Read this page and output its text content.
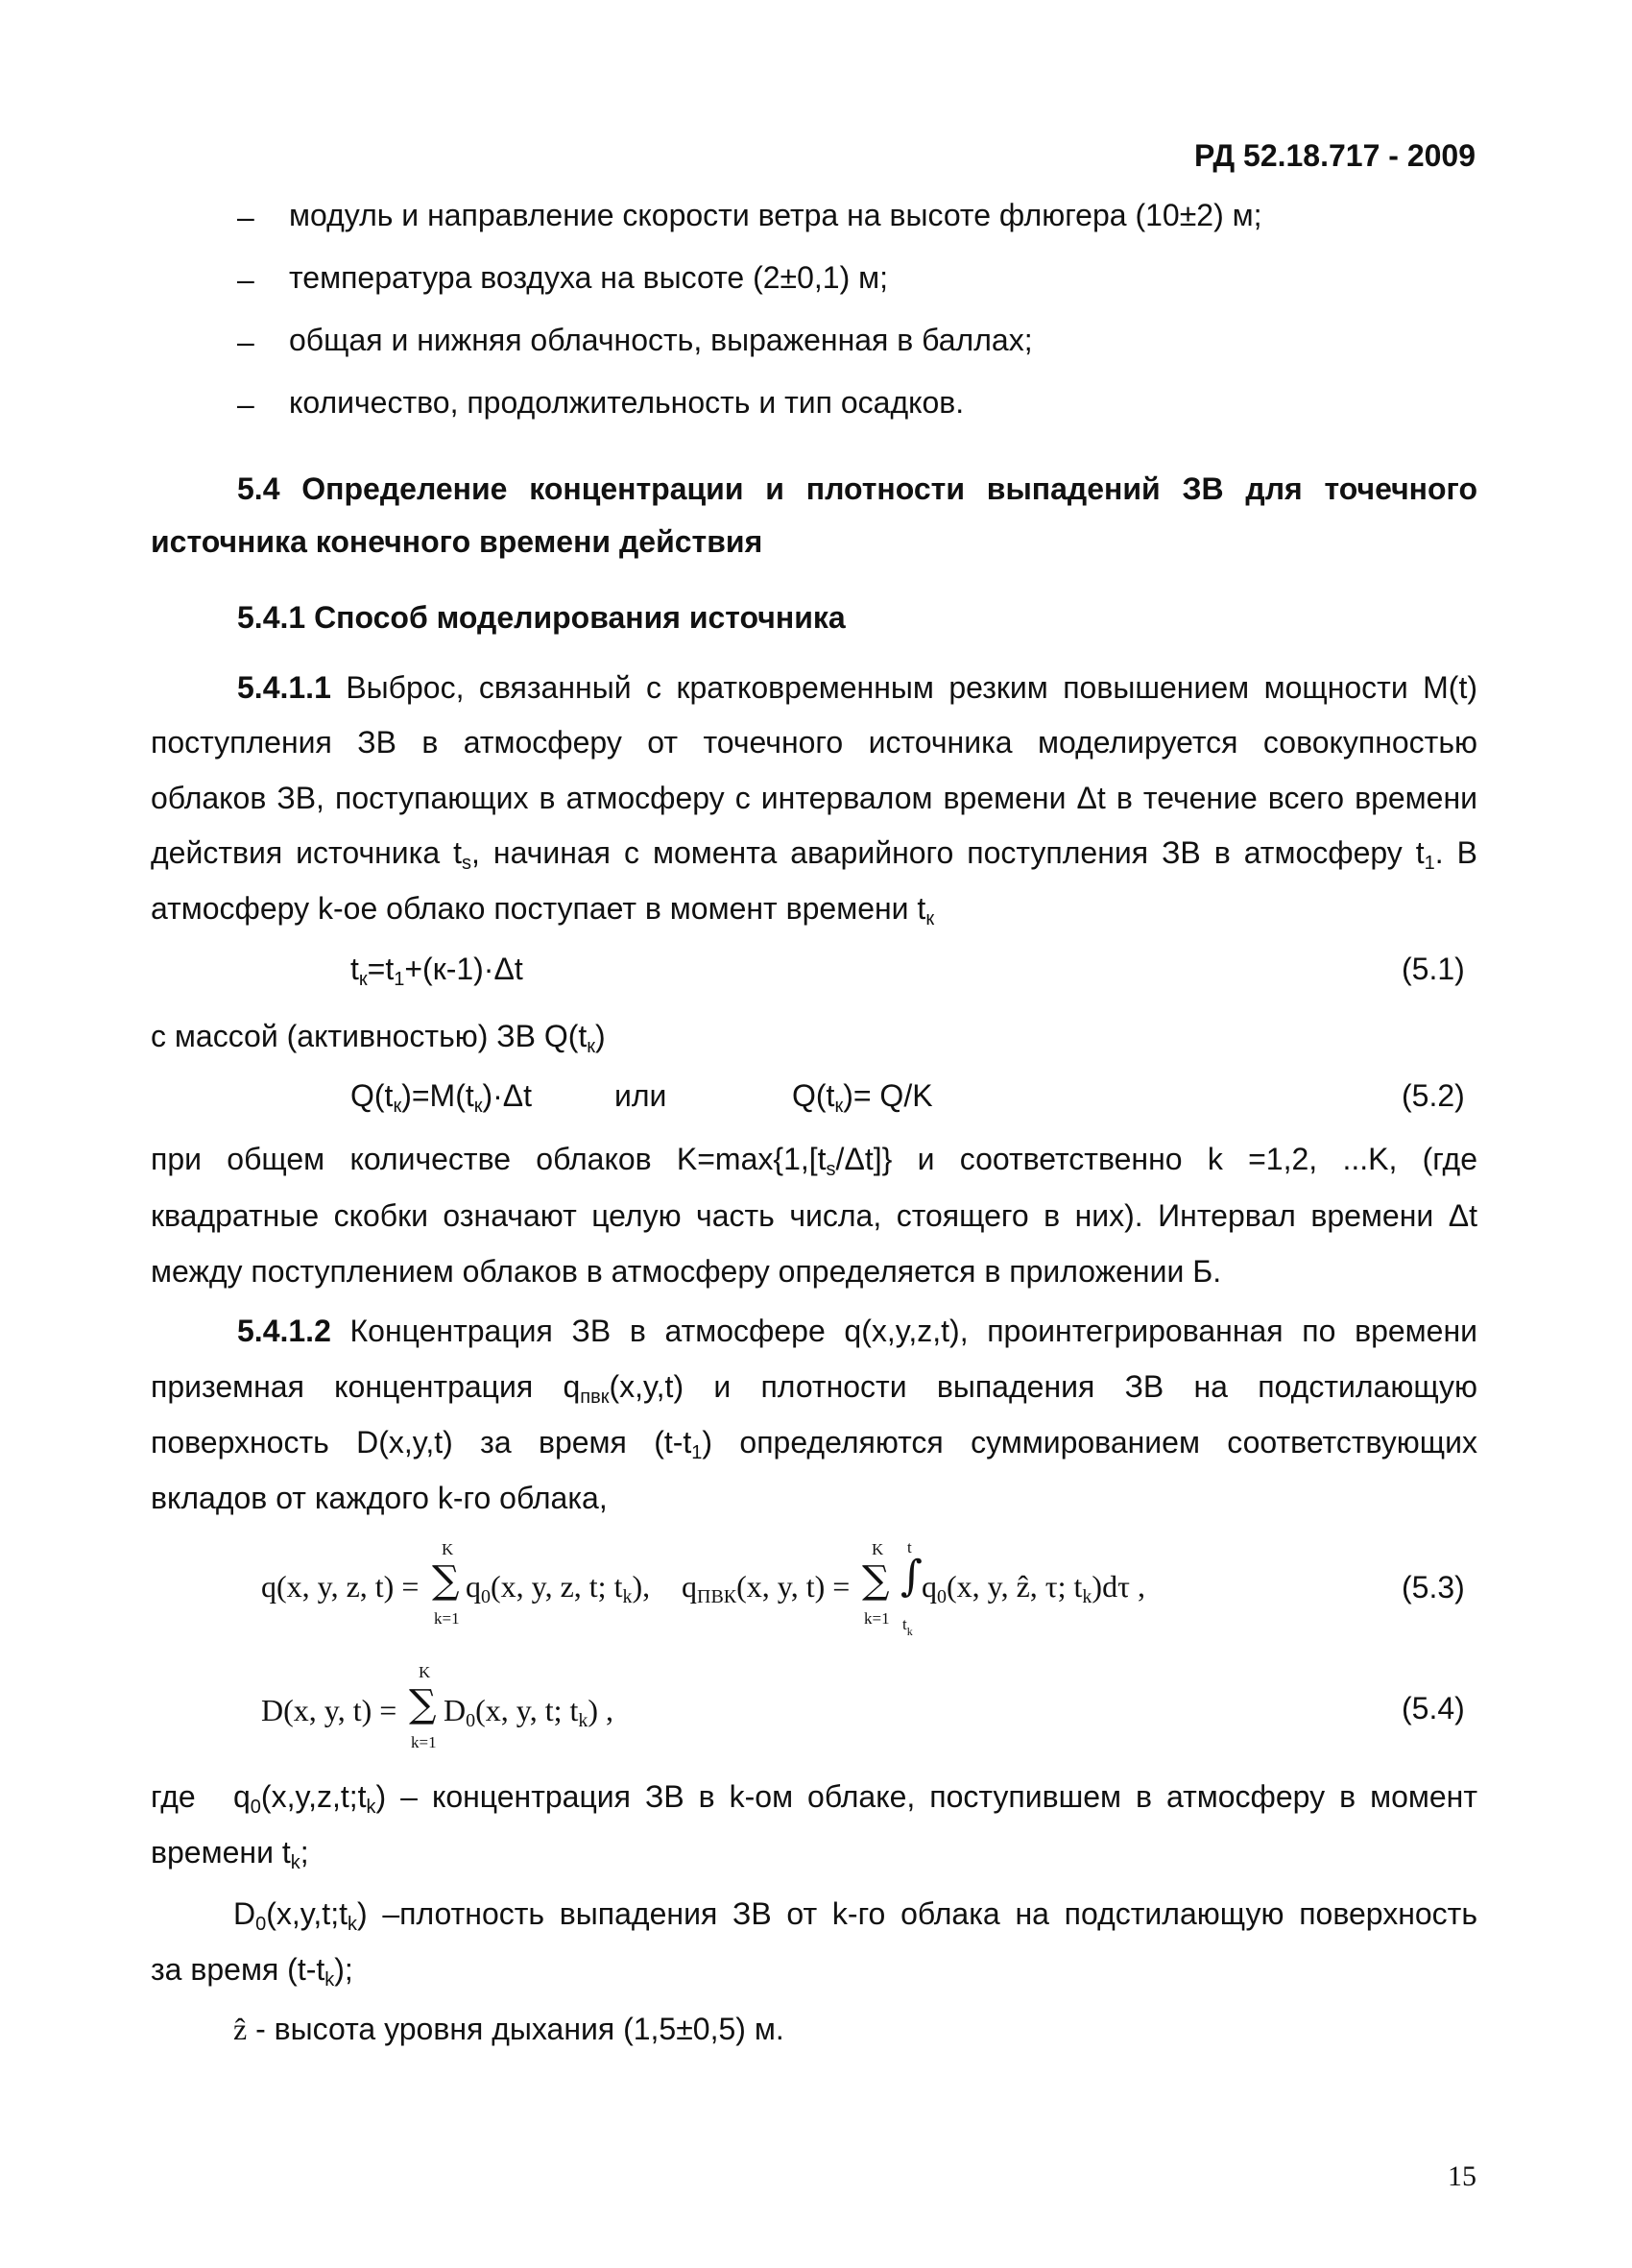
РД 52.18.717 - 2009
– модуль и направление скорости ветра на высоте флюгера (10±2) м;
– температура воздуха на высоте (2±0,1) м;
– общая и нижняя облачность, выраженная в баллах;
– количество, продолжительность и тип осадков.
5.4 Определение концентрации и плотности выпадений ЗВ для точечного
источника конечного времени действия
5.4.1 Способ моделирования источника
5.4.1.1 Выброс, связанный с кратковременным резким повышением мощности M(t)
поступления ЗВ в атмосферу от точечного источника моделируется совокупностью
облаков ЗВ, поступающих в атмосферу с интервалом времени Δt в течение всего времени
действия источника $t_s$, начиная с момента аварийного поступления ЗВ в атмосферу $t_1$. В
атмосферу k-ое облако поступает в момент времени $t_к$
$t_к=t_1+(к-1)\cdot\Delta t$	(5.1)
с массой (активностью) ЗВ $Q(t_к)$
$Q(t_к)=M(t_к)\cdot\Delta t$	или	$Q(t_к)= Q/K$	(5.2)
при общем количестве облаков $K=\max\{1,[t_s/\Delta t]\}$ и соответственно k =1,2, ...K, (где
квадратные скобки означают целую часть числа, стоящего в них). Интервал времени Δt
между поступлением облаков в атмосферу определяется в приложении Б.
5.4.1.2 Концентрация ЗВ в атмосфере q(x,y,z,t), проинтегрированная по времени
приземная концентрация $q_{пвк}(x,y,t)$ и плотности выпадения ЗВ на подстилающую
поверхность D(x,y,t) за время $(t-t_1)$ определяются суммированием соответствующих
вкладов от каждого k-го облака,
q(x, y, z, t) =
K
∑
k=1
$q_0(x$, y, z, t; $t_k$), $q_{ПВК}(x$, y, t) =
K
∑
k=1
t
∫
$t_k$
$q_0(x$, y, ẑ, τ; $t_k)d\tau$ ,	(5.3)
D(x, y, t) =
K
∑
k=1
$D_0(x$, y, t; $t_k$) ,	(5.4)
где $q_0(x,y,z,t;t_k)$ – концентрация ЗВ в k-ом облаке, поступившем в атмосферу в момент
времени $t_k$;
$D_0(x,y,t;t_k)$ –плотность выпадения ЗВ от k-го облака на подстилающую поверхность
за время $(t-t_k)$;
ẑ - высота уровня дыхания (1,5±0,5) м.
15
